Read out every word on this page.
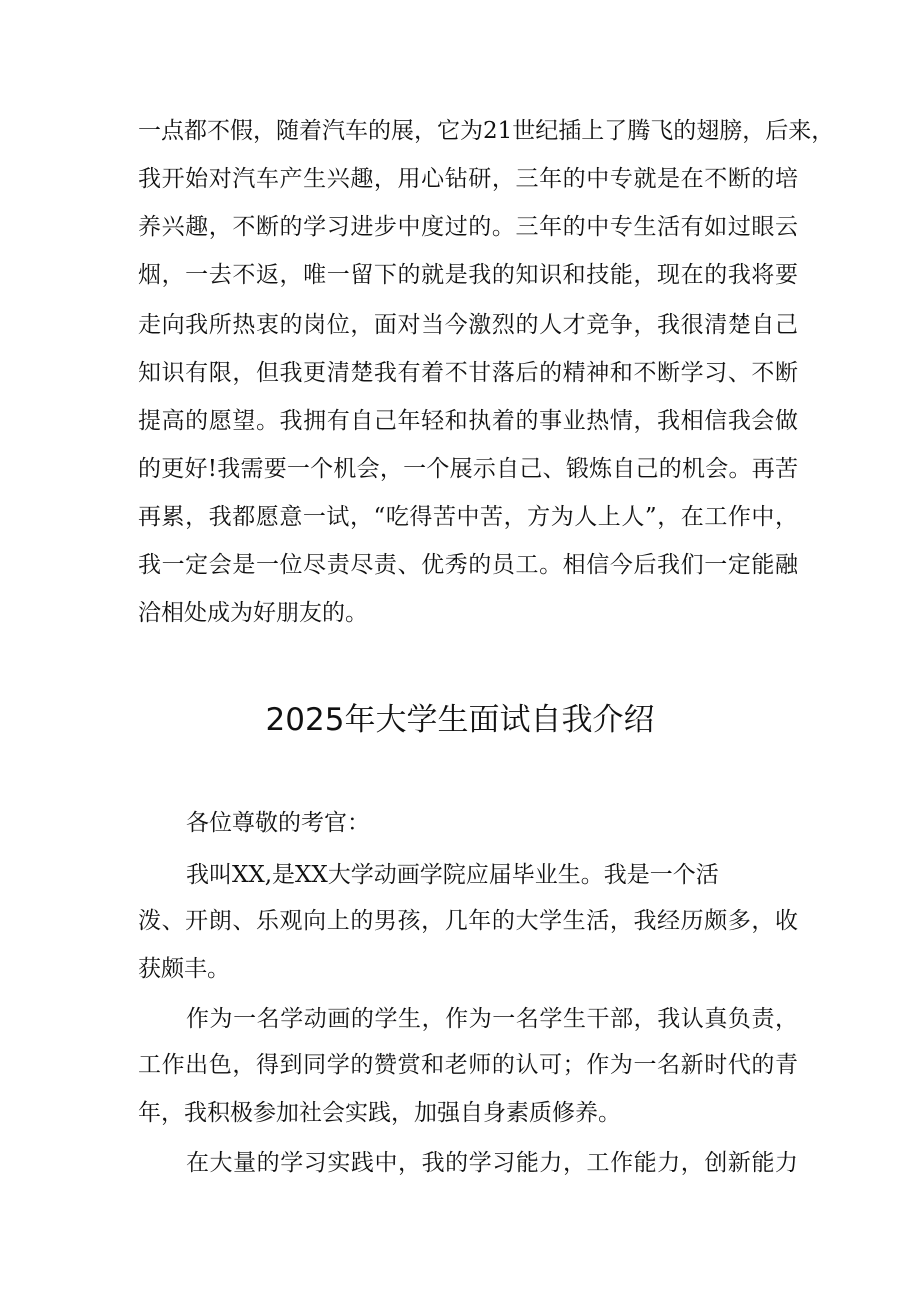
一点都不假，随着汽车的展，它为21世纪插上了腾飞的翅膀，后来，
我开始对汽车产生兴趣，用心钻研，三年的中专就是在不断的培
养兴趣，不断的学习进步中度过的。三年的中专生活有如过眼云
烟，一去不返，唯一留下的就是我的知识和技能，现在的我将要
走向我所热衷的岗位，面对当今激烈的人才竞争，我很清楚自己
知识有限，但我更清楚我有着不甘落后的精神和不断学习、不断
提高的愿望。我拥有自己年轻和执着的事业热情，我相信我会做
的更好!我需要一个机会，一个展示自己、锻炼自己的机会。再苦
再累，我都愿意一试，“吃得苦中苦，方为人上人”，在工作中，
我一定会是一位尽责尽责、优秀的员工。相信今后我们一定能融
洽相处成为好朋友的。
2025年大学生面试自我介绍
各位尊敬的考官：
我叫XX,是XX大学动画学院应届毕业生。我是一个活
泼、开朗、乐观向上的男孩，几年的大学生活，我经历颇多，收
获颇丰。
作为一名学动画的学生，作为一名学生干部，我认真负责，
工作出色，得到同学的赞赏和老师的认可；作为一名新时代的青
年，我积极参加社会实践，加强自身素质修养。
在大量的学习实践中，我的学习能力，工作能力，创新能力
